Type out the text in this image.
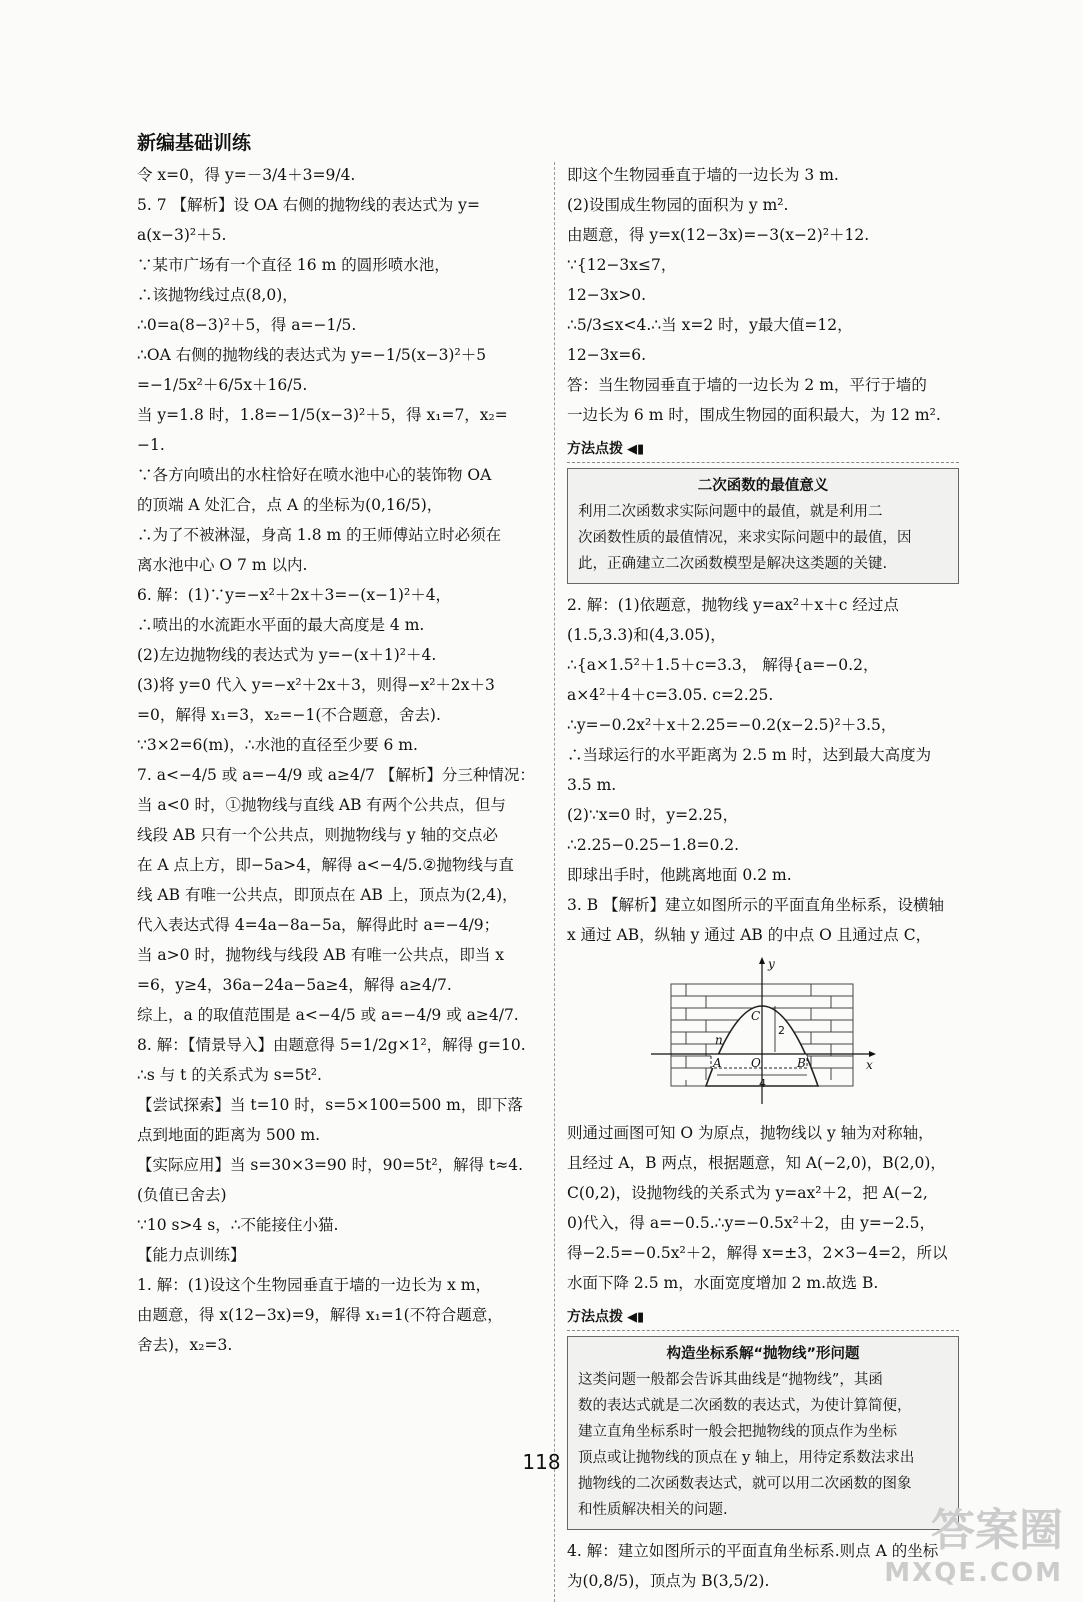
新编基础训练
令 x=0，得 y=－3/4＋3=9/4.
5. 7 【解析】设 OA 右侧的抛物线的表达式为 y=
a(x−3)²＋5.
∵某市广场有一个直径 16 m 的圆形喷水池，
∴该抛物线过点(8,0)，
∴0=a(8−3)²＋5，得 a=−1/5.
∴OA 右侧的抛物线的表达式为 y=−1/5(x−3)²＋5
=−1/5x²＋6/5x＋16/5.
当 y=1.8 时，1.8=−1/5(x−3)²＋5，得 x₁=7，x₂=
−1.
∵各方向喷出的水柱恰好在喷水池中心的装饰物 OA
的顶端 A 处汇合，点 A 的坐标为(0,16/5)，
∴为了不被淋湿，身高 1.8 m 的王师傅站立时必须在
离水池中心 O 7 m 以内.
6. 解：(1)∵y=−x²＋2x＋3=−(x−1)²＋4，
∴喷出的水流距水平面的最大高度是 4 m.
(2)左边抛物线的表达式为 y=−(x＋1)²＋4.
(3)将 y=0 代入 y=−x²＋2x＋3，则得−x²＋2x＋3
=0，解得 x₁=3，x₂=−1(不合题意，舍去).
∵3×2=6(m)，∴水池的直径至少要 6 m.
7. a<−4/5 或 a=−4/9 或 a≥4/7 【解析】分三种情况：
当 a<0 时，①抛物线与直线 AB 有两个公共点，但与
线段 AB 只有一个公共点，则抛物线与 y 轴的交点必
在 A 点上方，即−5a>4，解得 a<−4/5.②抛物线与直
线 AB 有唯一公共点，即顶点在 AB 上，顶点为(2,4)，
代入表达式得 4=4a−8a−5a，解得此时 a=−4/9；
当 a>0 时，抛物线与线段 AB 有唯一公共点，即当 x
=6，y≥4，36a−24a−5a≥4，解得 a≥4/7.
综上，a 的取值范围是 a<−4/5 或 a=−4/9 或 a≥4/7.
8. 解：【情景导入】由题意得 5=1/2g×1²，解得 g=10.
∴s 与 t 的关系式为 s=5t².
【尝试探索】当 t=10 时，s=5×100=500 m，即下落
点到地面的距离为 500 m.
【实际应用】当 s=30×3=90 时，90=5t²，解得 t≈4.
(负值已舍去)
∵10 s>4 s，∴不能接住小猫.
【能力点训练】
1. 解：(1)设这个生物园垂直于墙的一边长为 x m，
由题意，得 x(12−3x)=9，解得 x₁=1(不符合题意，
舍去)，x₂=3.
即这个生物园垂直于墙的一边长为 3 m.
(2)设围成生物园的面积为 y m².
由题意，得 y=x(12−3x)=−3(x−2)²＋12.
∵{12−3x≤7，
12−3x>0.
∴5/3≤x<4.∴当 x=2 时，y最大值=12，
12−3x=6.
答：当生物园垂直于墙的一边长为 2 m，平行于墙的
一边长为 6 m 时，围成生物园的面积最大，为 12 m².
方法点拨 ◀▮
二次函数的最值意义
利用二次函数求实际问题中的最值，就是利用二
次函数性质的最值情况，来求实际问题中的最值，因
此，正确建立二次函数模型是解决这类题的关键.
2. 解：(1)依题意，抛物线 y=ax²＋x＋c 经过点
(1.5,3.3)和(4,3.05)，
∴{a×1.5²＋1.5＋c=3.3， 解得{a=−0.2，
a×4²＋4＋c=3.05. c=2.25.
∴y=−0.2x²＋x＋2.25=−0.2(x−2.5)²＋3.5，
∴当球运行的水平距离为 2.5 m 时，达到最大高度为
3.5 m.
(2)∵x=0 时，y=2.25，
∴2.25−0.25−1.8=0.2.
即球出手时，他跳离地面 0.2 m.
3. B 【解析】建立如图所示的平面直角坐标系，设横轴
x 通过 AB，纵轴 y 通过 AB 的中点 O 且通过点 C，
y
x
C
A O	B
n
2
4
则通过画图可知 O 为原点，抛物线以 y 轴为对称轴，
且经过 A，B 两点，根据题意，知 A(−2,0)，B(2,0)，
C(0,2)，设抛物线的关系式为 y=ax²＋2，把 A(−2,
0)代入，得 a=−0.5.∴y=−0.5x²＋2，由 y=−2.5，
得−2.5=−0.5x²＋2，解得 x=±3，2×3−4=2，所以
水面下降 2.5 m，水面宽度增加 2 m.故选 B.
方法点拨 ◀▮
构造坐标系解“抛物线”形问题
这类问题一般都会告诉其曲线是“抛物线”，其函
数的表达式就是二次函数的表达式，为使计算简便，
建立直角坐标系时一般会把抛物线的顶点作为坐标
顶点或让抛物线的顶点在 y 轴上，用待定系数法求出
抛物线的二次函数表达式，就可以用二次函数的图象
和性质解决相关的问题.
4. 解：建立如图所示的平面直角坐标系.则点 A 的坐标
为(0,8/5)，顶点为 B(3,5/2).
118
答案圈
MXQE.COM
